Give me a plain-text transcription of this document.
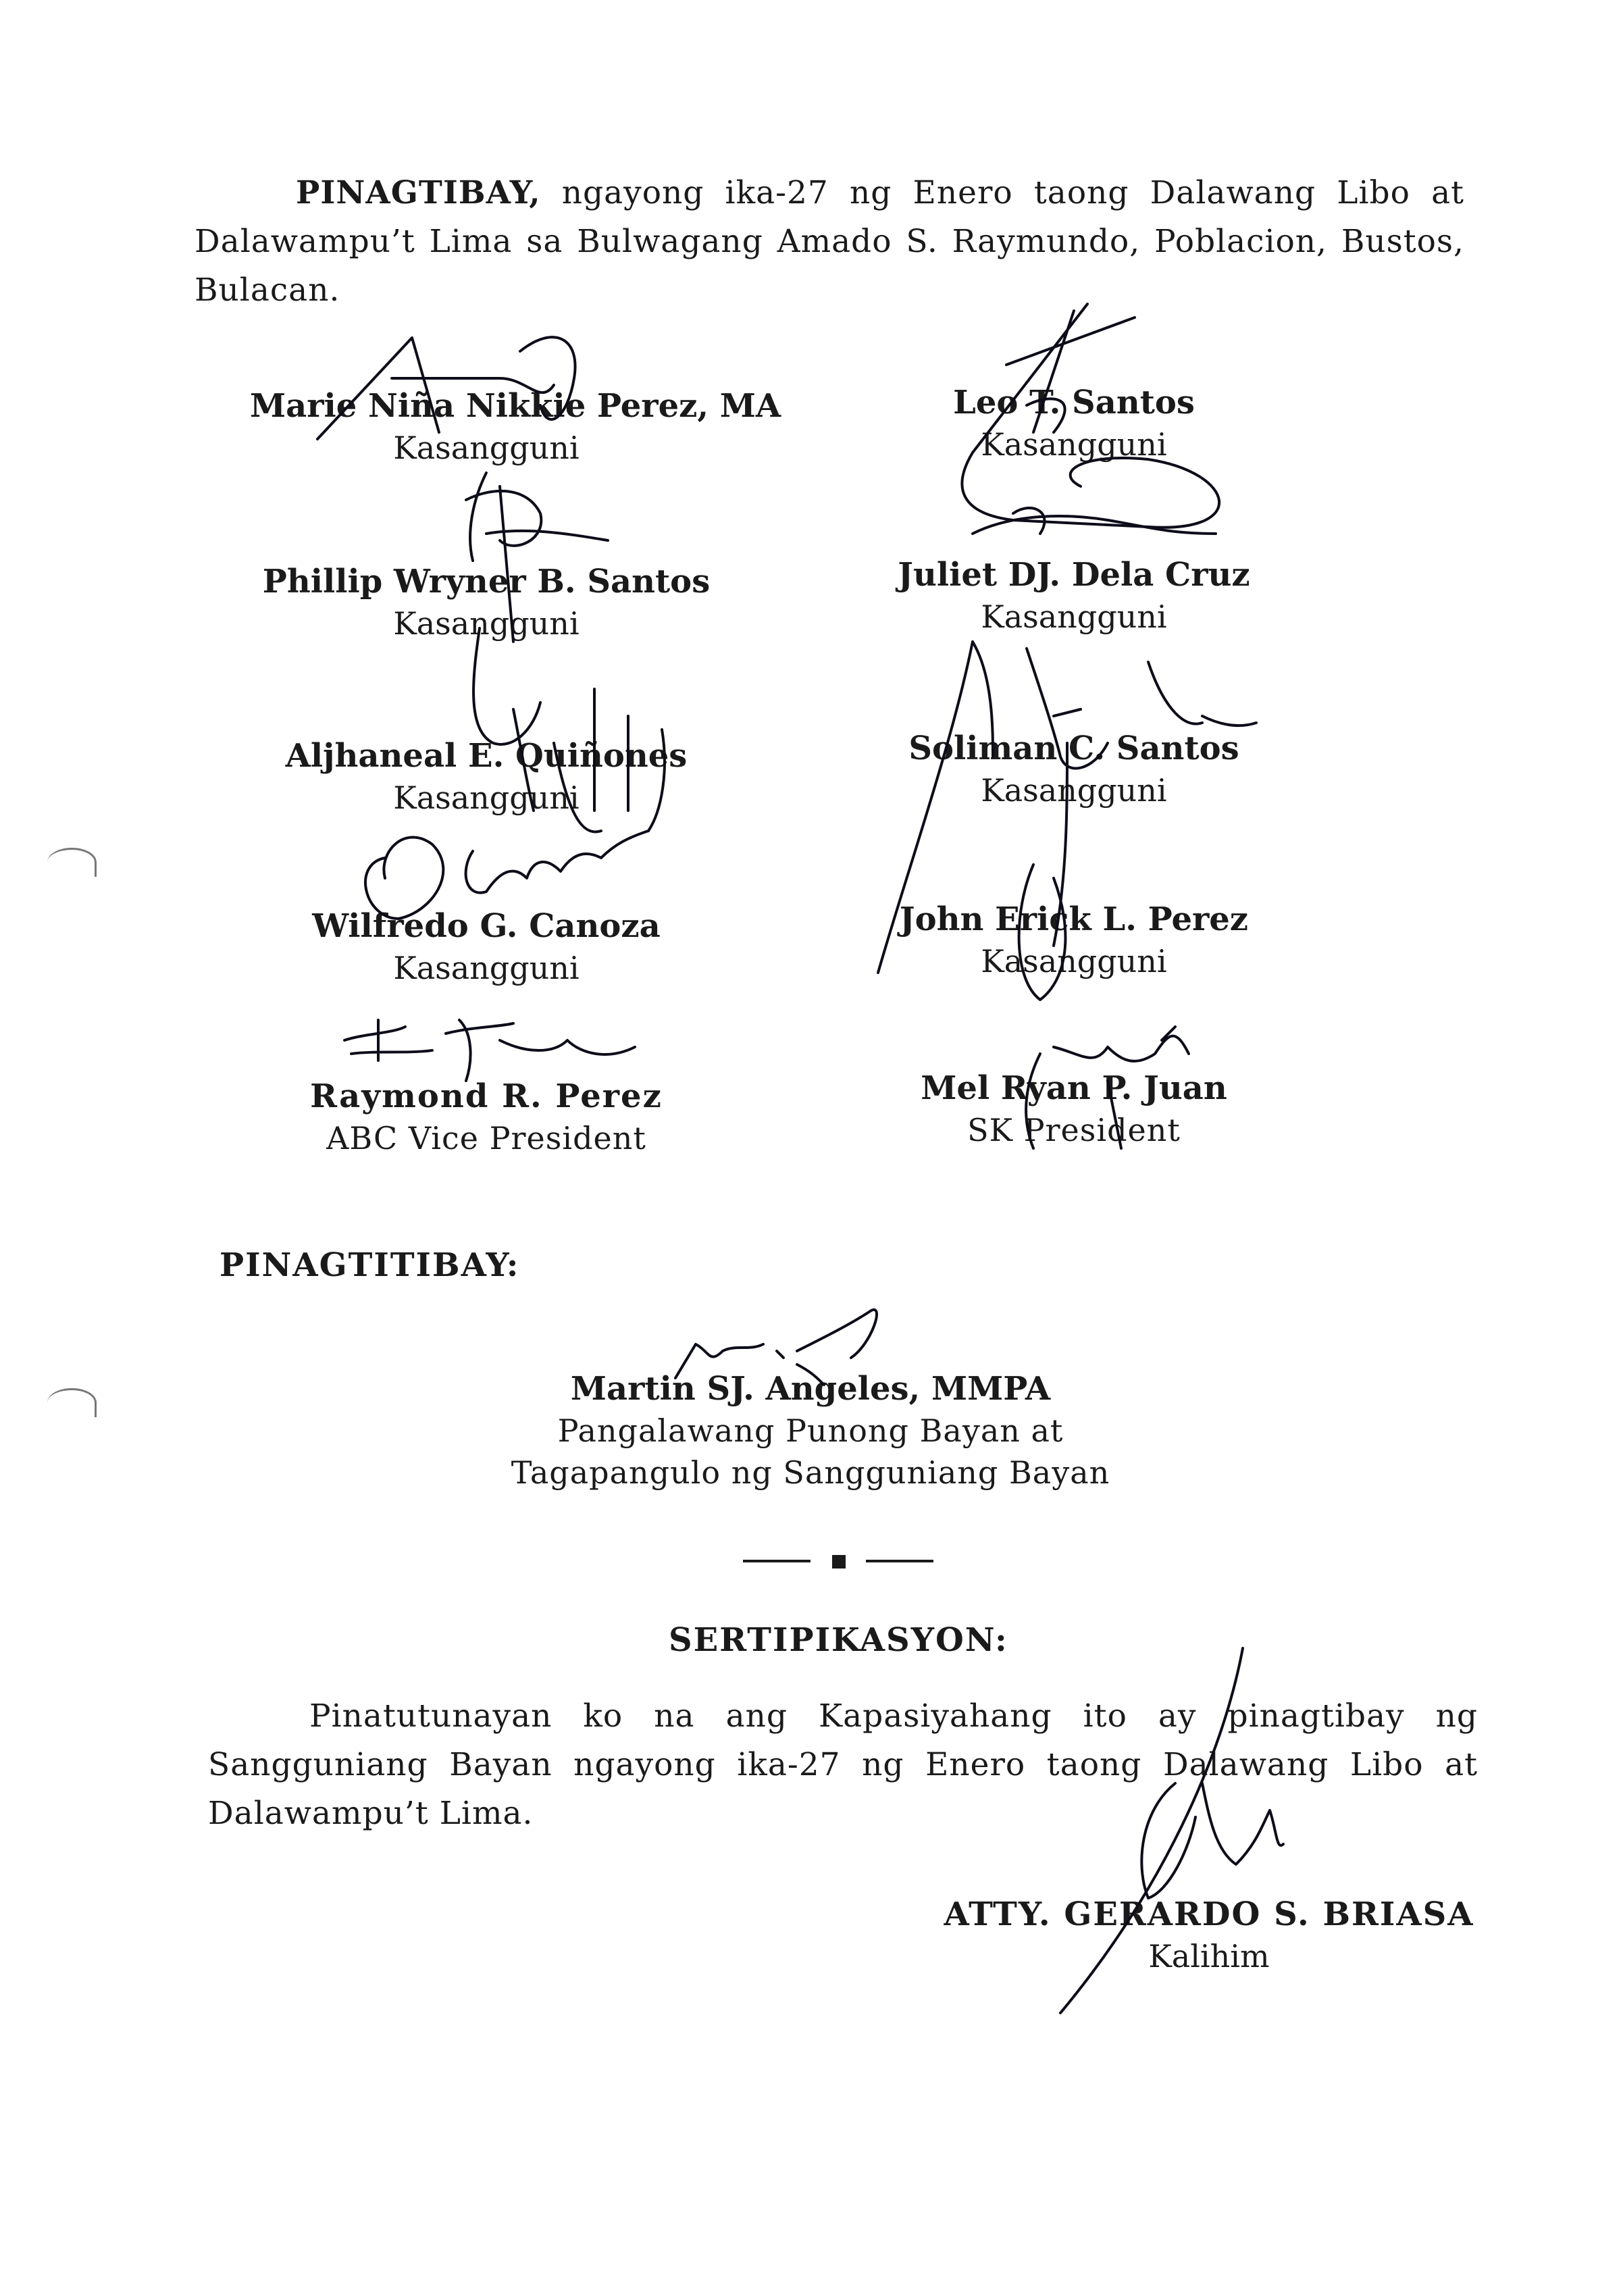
PINAGTIBAY, ngayong ika-27 ng Enero taong Dalawang Libo at Dalawampu’t Lima sa Bulwagang Amado S. Raymundo, Poblacion, Bustos, Bulacan.

Marie Niña Nikkie Perez, MA
Kasangguni
Leo T. Santos
Kasangguni
Phillip Wryner B. Santos
Kasangguni
Juliet DJ. Dela Cruz
Kasangguni
Aljhaneal E. Quiñones
Kasangguni
Soliman C. Santos
Kasangguni
Wilfredo G. Canoza
Kasangguni
John Erick L. Perez
Kasangguni
Raymond R. Perez
ABC Vice President
Mel Ryan P. Juan
SK President
PINAGTITIBAY:
Martin SJ. Angeles, MMPA
Pangalawang Punong Bayan at
Tagapangulo ng Sangguniang Bayan
SERTIPIKASYON:

Pinatutunayan ko na ang Kapasiyahang ito ay pinagtibay ng Sangguniang Bayan ngayong ika-27 ng Enero taong Dalawang Libo at Dalawampu’t Lima.

ATTY. GERARDO S. BRIASA
Kalihim
